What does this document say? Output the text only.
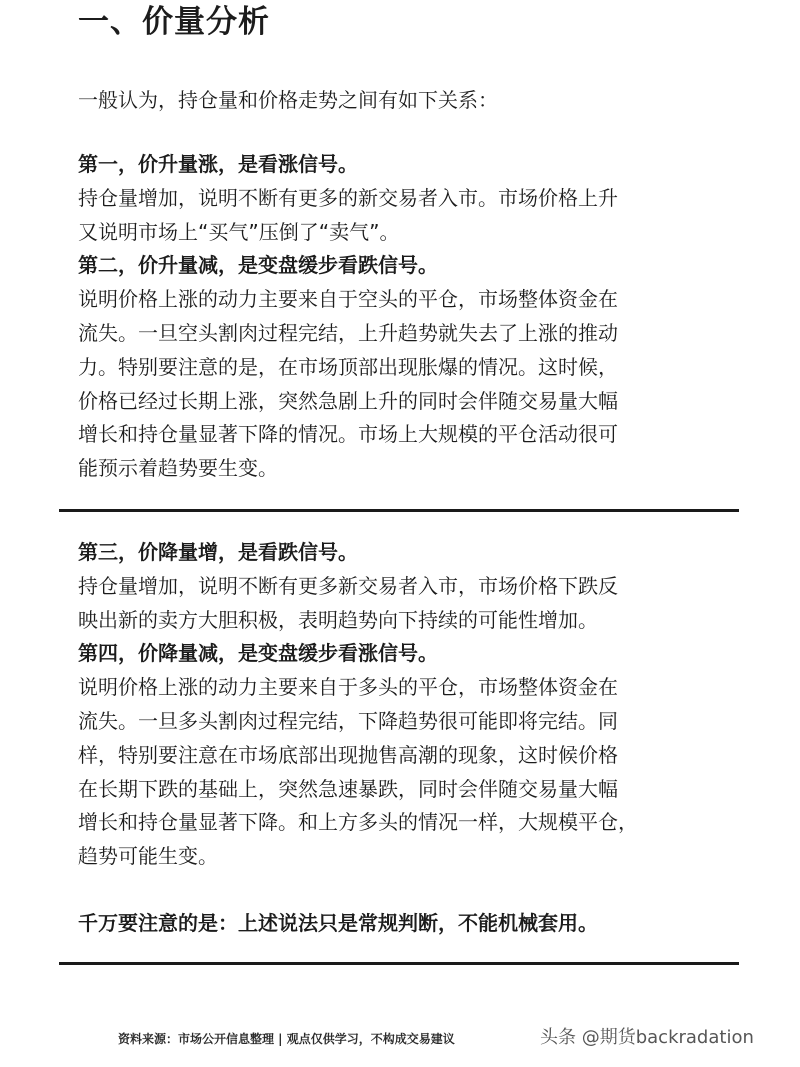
一、价量分析

一般认为，持仓量和价格走势之间有如下关系：

第一，价升量涨，是看涨信号。

持仓量增加，说明不断有更多的新交易者入市。市场价格上升

又说明市场上“买气”压倒了“卖气”。

第二，价升量减，是变盘缓步看跌信号。

说明价格上涨的动力主要来自于空头的平仓，市场整体资金在

流失。一旦空头割肉过程完结，上升趋势就失去了上涨的推动

力。特别要注意的是，在市场顶部出现胀爆的情况。这时候，

价格已经过长期上涨，突然急剧上升的同时会伴随交易量大幅

增长和持仓量显著下降的情况。市场上大规模的平仓活动很可

能预示着趋势要生变。

第三，价降量增，是看跌信号。

持仓量增加，说明不断有更多新交易者入市，市场价格下跌反

映出新的卖方大胆积极，表明趋势向下持续的可能性增加。

第四，价降量减，是变盘缓步看涨信号。

说明价格上涨的动力主要来自于多头的平仓，市场整体资金在

流失。一旦多头割肉过程完结，下降趋势很可能即将完结。同

样，特别要注意在市场底部出现抛售高潮的现象，这时候价格

在长期下跌的基础上，突然急速暴跌，同时会伴随交易量大幅

增长和持仓量显著下降。和上方多头的情况一样，大规模平仓，

趋势可能生变。

千万要注意的是：上述说法只是常规判断，不能机械套用。

资料来源：市场公开信息整理 | 观点仅供学习，不构成交易建议	头条 @期货backradation
